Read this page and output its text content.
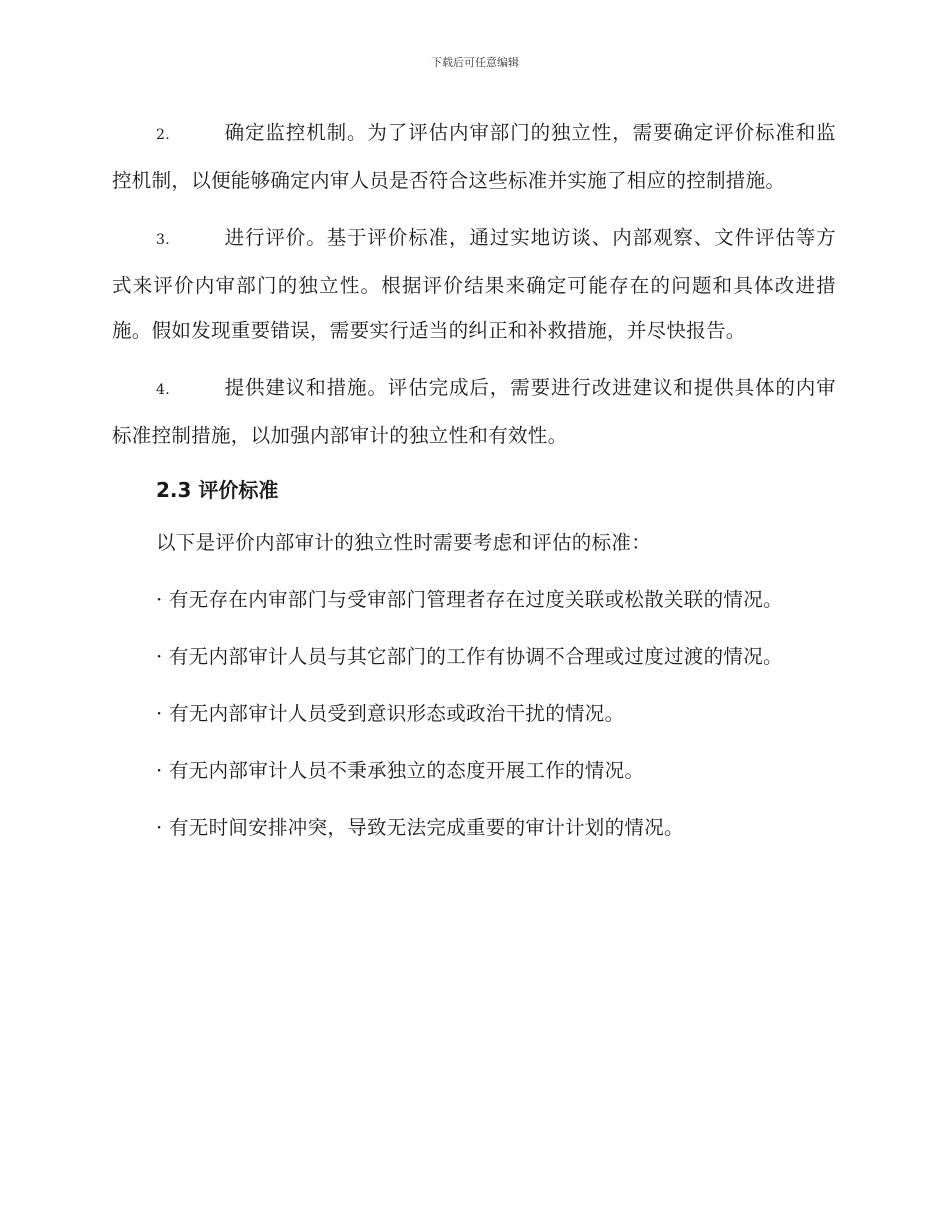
下载后可任意编辑

2.	确定监控机制。为了评估内审部门的独立性，需要确定评价标准和监控机制，以便能够确定内审人员是否符合这些标准并实施了相应的控制措施。

3.	进行评价。基于评价标准，通过实地访谈、内部观察、文件评估等方式来评价内审部门的独立性。根据评价结果来确定可能存在的问题和具体改进措施。假如发现重要错误，需要实行适当的纠正和补救措施，并尽快报告。

4.	提供建议和措施。评估完成后，需要进行改进建议和提供具体的内审标准控制措施，以加强内部审计的独立性和有效性。

2.3 评价标准

以下是评价内部审计的独立性时需要考虑和评估的标准：

· 有无存在内审部门与受审部门管理者存在过度关联或松散关联的情况。

· 有无内部审计人员与其它部门的工作有协调不合理或过度过渡的情况。

· 有无内部审计人员受到意识形态或政治干扰的情况。

· 有无内部审计人员不秉承独立的态度开展工作的情况。

· 有无时间安排冲突，导致无法完成重要的审计计划的情况。
